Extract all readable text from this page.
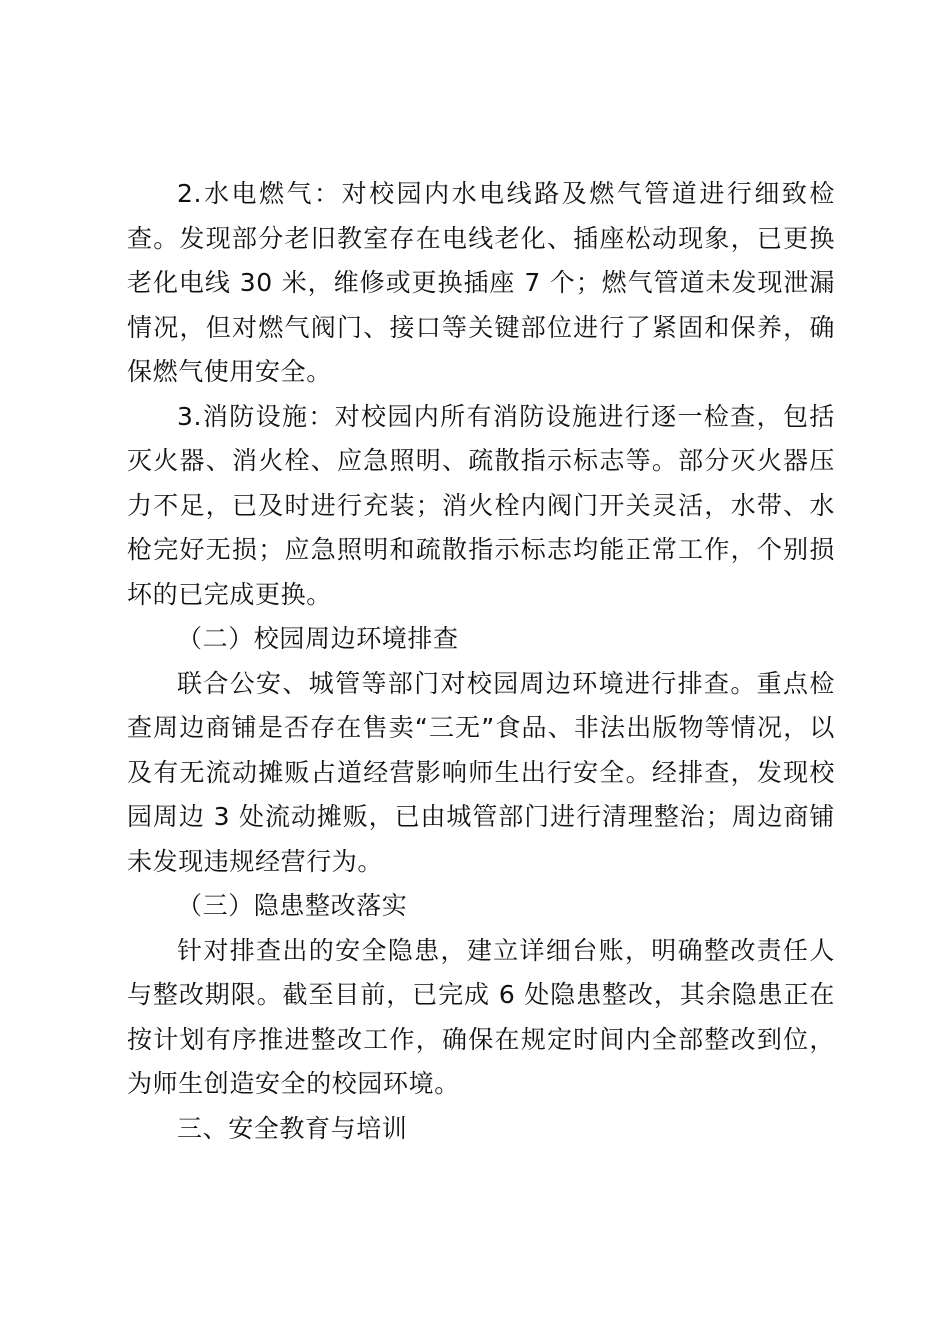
2.水电燃气：对校园内水电线路及燃气管道进行细致检查。发现部分老旧教室存在电线老化、插座松动现象，已更换老化电线 30 米，维修或更换插座 7 个；燃气管道未发现泄漏情况，但对燃气阀门、接口等关键部位进行了紧固和保养，确保燃气使用安全。

3.消防设施：对校园内所有消防设施进行逐一检查，包括灭火器、消火栓、应急照明、疏散指示标志等。部分灭火器压力不足，已及时进行充装；消火栓内阀门开关灵活，水带、水枪完好无损；应急照明和疏散指示标志均能正常工作，个别损坏的已完成更换。

（二）校园周边环境排查

联合公安、城管等部门对校园周边环境进行排查。重点检查周边商铺是否存在售卖“三无”食品、非法出版物等情况，以及有无流动摊贩占道经营影响师生出行安全。经排查，发现校园周边 3 处流动摊贩，已由城管部门进行清理整治；周边商铺未发现违规经营行为。

（三）隐患整改落实

针对排查出的安全隐患，建立详细台账，明确整改责任人与整改期限。截至目前，已完成 6 处隐患整改，其余隐患正在按计划有序推进整改工作，确保在规定时间内全部整改到位，为师生创造安全的校园环境。

三、安全教育与培训
